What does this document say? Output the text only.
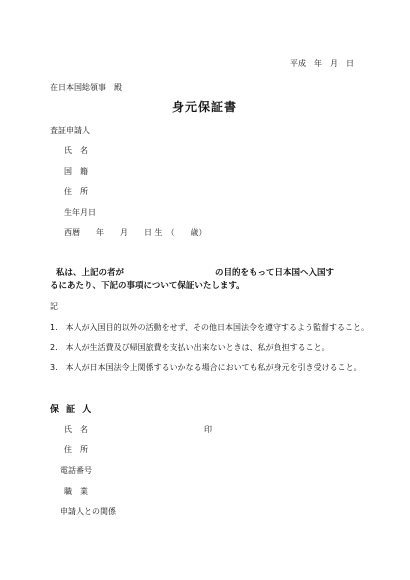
平成　年　月　日
在日本国総領事　殿
身元保証書
査証申請人
氏　名
国　籍
住　所
生年月日
西暦　　年　　月　　日 生　（　　歳）
私は、上記の者が	の目的をもって日本国へ入国す
るにあたり、下記の事項について保証いたします。
記
1.　本人が入国目的以外の活動をせず、その他日本国法令を遵守するよう監督すること。
2.　本人が生活費及び帰国旅費を支払い出来ないときは、私が負担すること。
3.　本人が日本国法令上関係するいかなる場合においても私が身元を引き受けること。
保 証 人
氏　名	印
住　所
電話番号
職　業
申請人との関係
